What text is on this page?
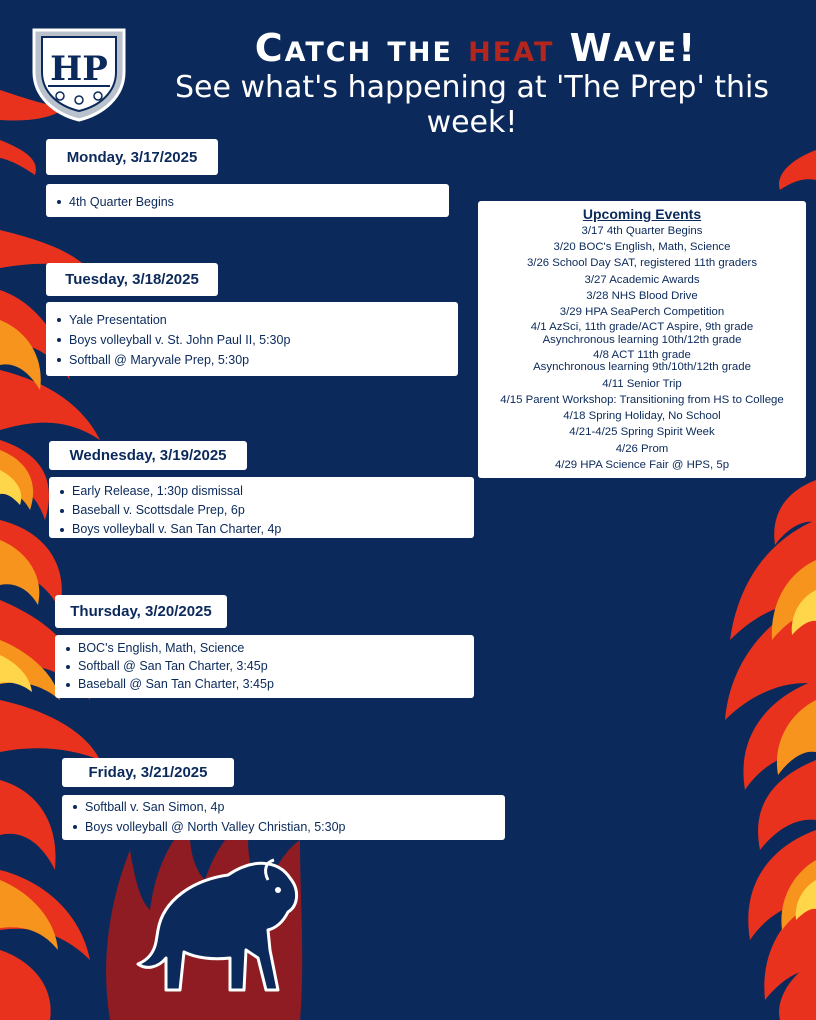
HP	Catch the heat Wave!
See what's happening at 'The Prep' this week!
Monday, 3/17/2025
4th Quarter Begins
Tuesday, 3/18/2025
Yale Presentation
Boys volleyball v. St. John Paul II, 5:30p
Softball @ Maryvale Prep, 5:30p
Wednesday, 3/19/2025
Early Release, 1:30p dismissal
Baseball v. Scottsdale Prep, 6p
Boys volleyball v. San Tan Charter, 4p
Thursday, 3/20/2025
BOC's English, Math, Science
Softball @ San Tan Charter, 3:45p
Baseball @ San Tan Charter, 3:45p
Friday, 3/21/2025
Softball v. San Simon, 4p
Boys volleyball @ North Valley Christian, 5:30p
Upcoming Events
3/17 4th Quarter Begins
3/20 BOC's English, Math, Science
3/26 School Day SAT, registered 11th graders
3/27 Academic Awards
3/28 NHS Blood Drive
3/29 HPA SeaPerch Competition
4/1 AzSci, 11th grade/ACT Aspire, 9th grade
Asynchronous learning 10th/12th grade
4/8 ACT 11th grade
Asynchronous learning 9th/10th/12th grade
4/11 Senior Trip
4/15 Parent Workshop: Transitioning from HS to College
4/18 Spring Holiday, No School
4/21-4/25 Spring Spirit Week
4/26 Prom
4/29 HPA Science Fair @ HPS, 5p
